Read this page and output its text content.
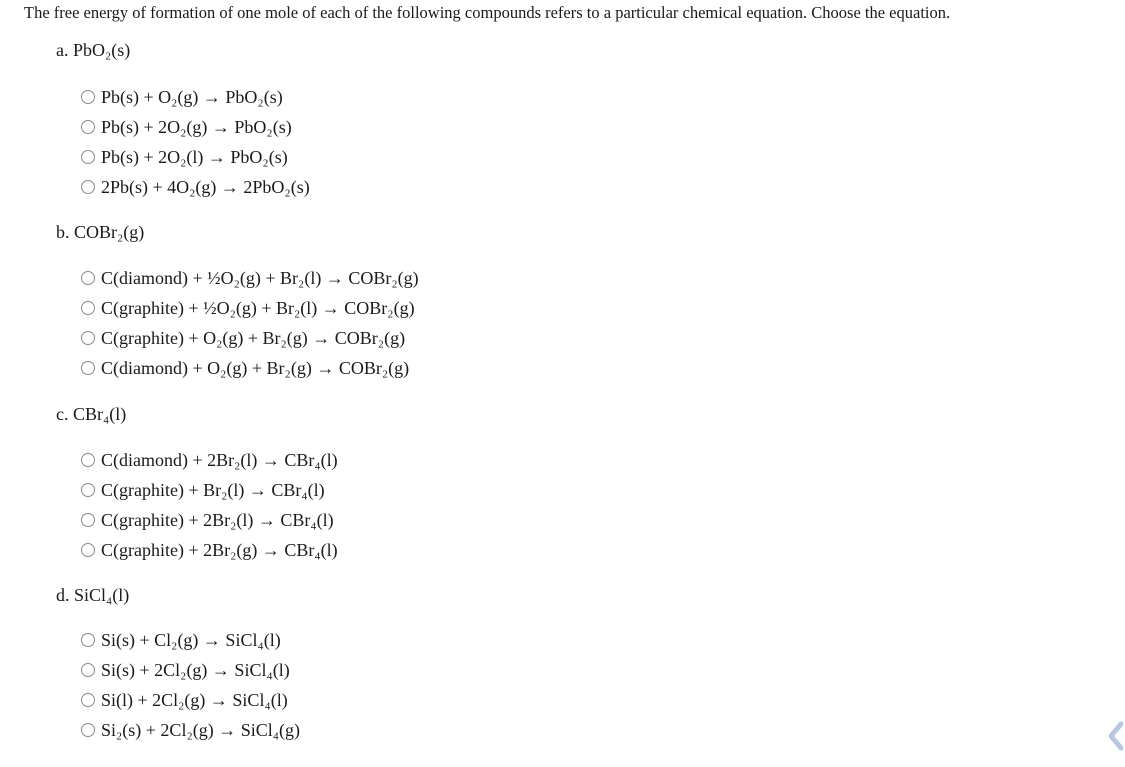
The free energy of formation of one mole of each of the following compounds refers to a particular chemical equation. Choose the equation.
a. PbO₂(s)
Pb(s) + O₂(g) → PbO₂(s)
Pb(s) + 2O₂(g) → PbO₂(s)
Pb(s) + 2O₂(l) → PbO₂(s)
2Pb(s) + 4O₂(g) → 2PbO₂(s)
b. COBr₂(g)
C(diamond) + ½O₂(g) + Br₂(l) → COBr₂(g)
C(graphite) + ½O₂(g) + Br₂(l) → COBr₂(g)
C(graphite) + O₂(g) + Br₂(g) → COBr₂(g)
C(diamond) + O₂(g) + Br₂(g) → COBr₂(g)
c. CBr₄(l)
C(diamond) + 2Br₂(l) → CBr₄(l)
C(graphite) + Br₂(l) → CBr₄(l)
C(graphite) + 2Br₂(l) → CBr₄(l)
C(graphite) + 2Br₂(g) → CBr₄(l)
d. SiCl₄(l)
Si(s) + Cl₂(g) → SiCl₄(l)
Si(s) + 2Cl₂(g) → SiCl₄(l)
Si(l) + 2Cl₂(g) → SiCl₄(l)
Si₂(s) + 2Cl₂(g) → SiCl₄(g)
